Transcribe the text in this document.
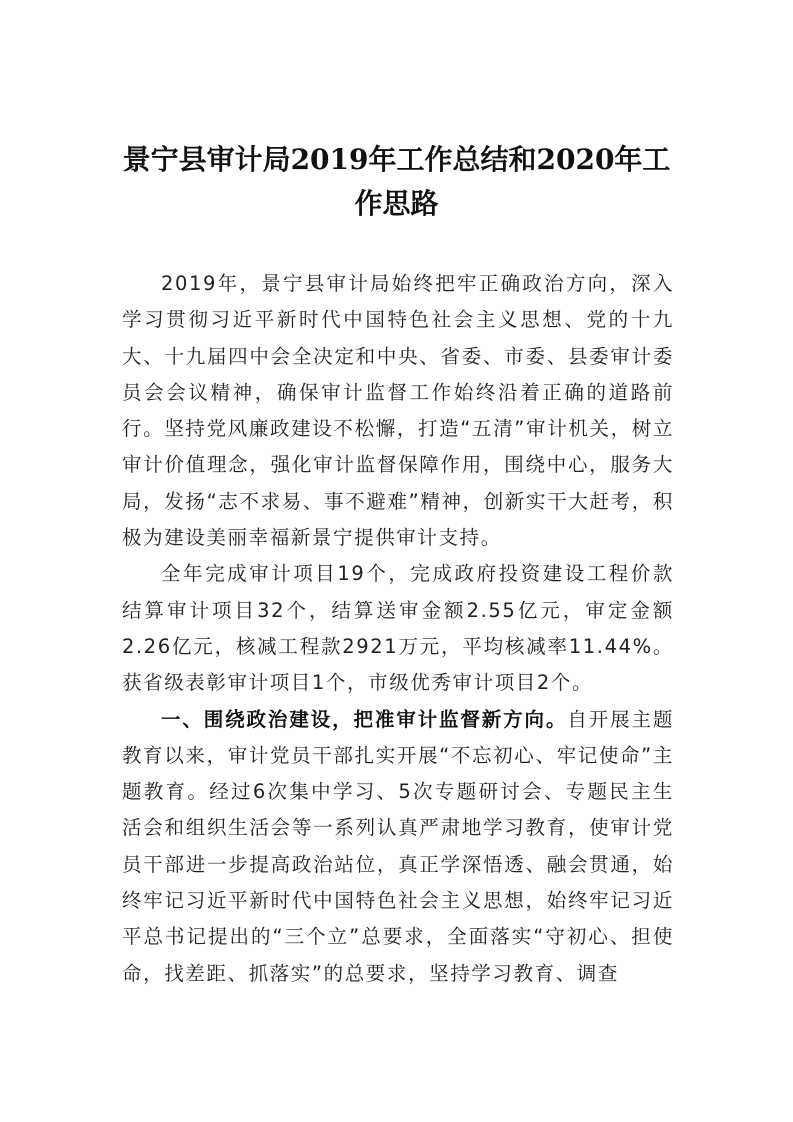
景宁县审计局2019年工作总结和2020年工作思路

2019年，景宁县审计局始终把牢正确政治方向，深入学习贯彻习近平新时代中国特色社会主义思想、党的十九大、十九届四中会全决定和中央、省委、市委、县委审计委员会会议精神，确保审计监督工作始终沿着正确的道路前行。坚持党风廉政建设不松懈，打造“五清”审计机关，树立审计价值理念，强化审计监督保障作用，围绕中心，服务大局，发扬“志不求易、事不避难”精神，创新实干大赶考，积极为建设美丽幸福新景宁提供审计支持。

全年完成审计项目19个，完成政府投资建设工程价款结算审计项目32个，结算送审金额2.55亿元，审定金额2.26亿元，核减工程款2921万元，平均核减率11.44%。获省级表彰审计项目1个，市级优秀审计项目2个。

一、围绕政治建设，把准审计监督新方向。自开展主题教育以来，审计党员干部扎实开展“不忘初心、牢记使命”主题教育。经过6次集中学习、5次专题研讨会、专题民主生活会和组织生活会等一系列认真严肃地学习教育，使审计党员干部进一步提高政治站位，真正学深悟透、融会贯通，始终牢记习近平新时代中国特色社会主义思想，始终牢记习近平总书记提出的“三个立”总要求，全面落实“守初心、担使命，找差距、抓落实”的总要求，坚持学习教育、调查
